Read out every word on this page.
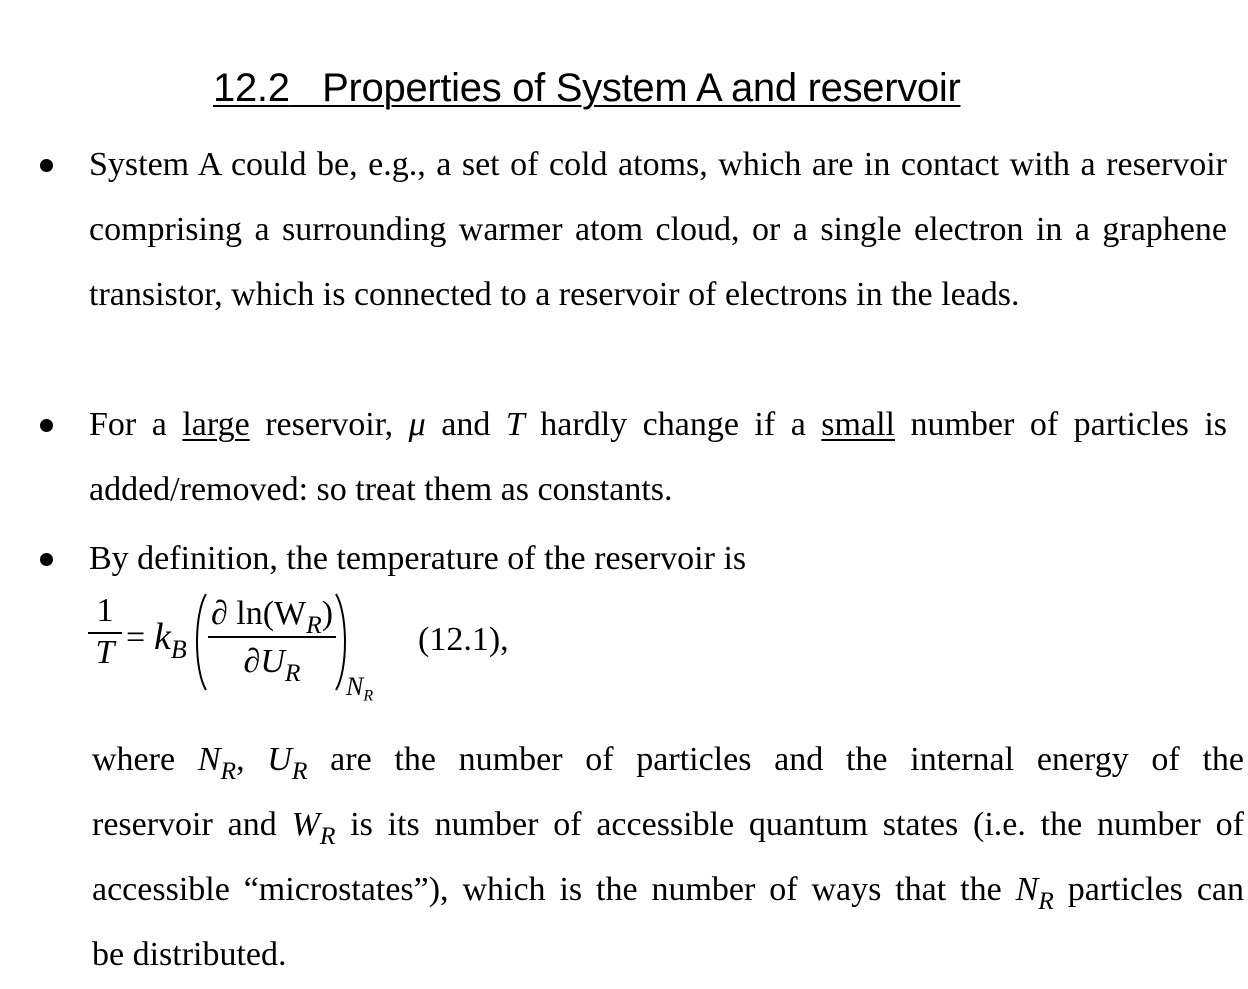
12.2 Properties of System A and reservoir
System A could be, e.g., a set of cold atoms, which are in contact with a reservoir comprising a surrounding warmer atom cloud, or a single electron in a graphene transistor, which is connected to a reservoir of electrons in the leads.
For a large reservoir, μ and T hardly change if a small number of particles is added/removed: so treat them as constants.
By definition, the temperature of the reservoir is
1
$T = k_B$
∂ $\ln(W_R)$
$\partial U_R$	$N_R$
(12.1),
where $N_R$, $U_R$ are the number of particles and the internal energy of the
reservoir and $W_R$ is its number of accessible quantum states (i.e. the number of
accessible “microstates”), which is the number of ways that the $N_R$ particles can
be distributed.
